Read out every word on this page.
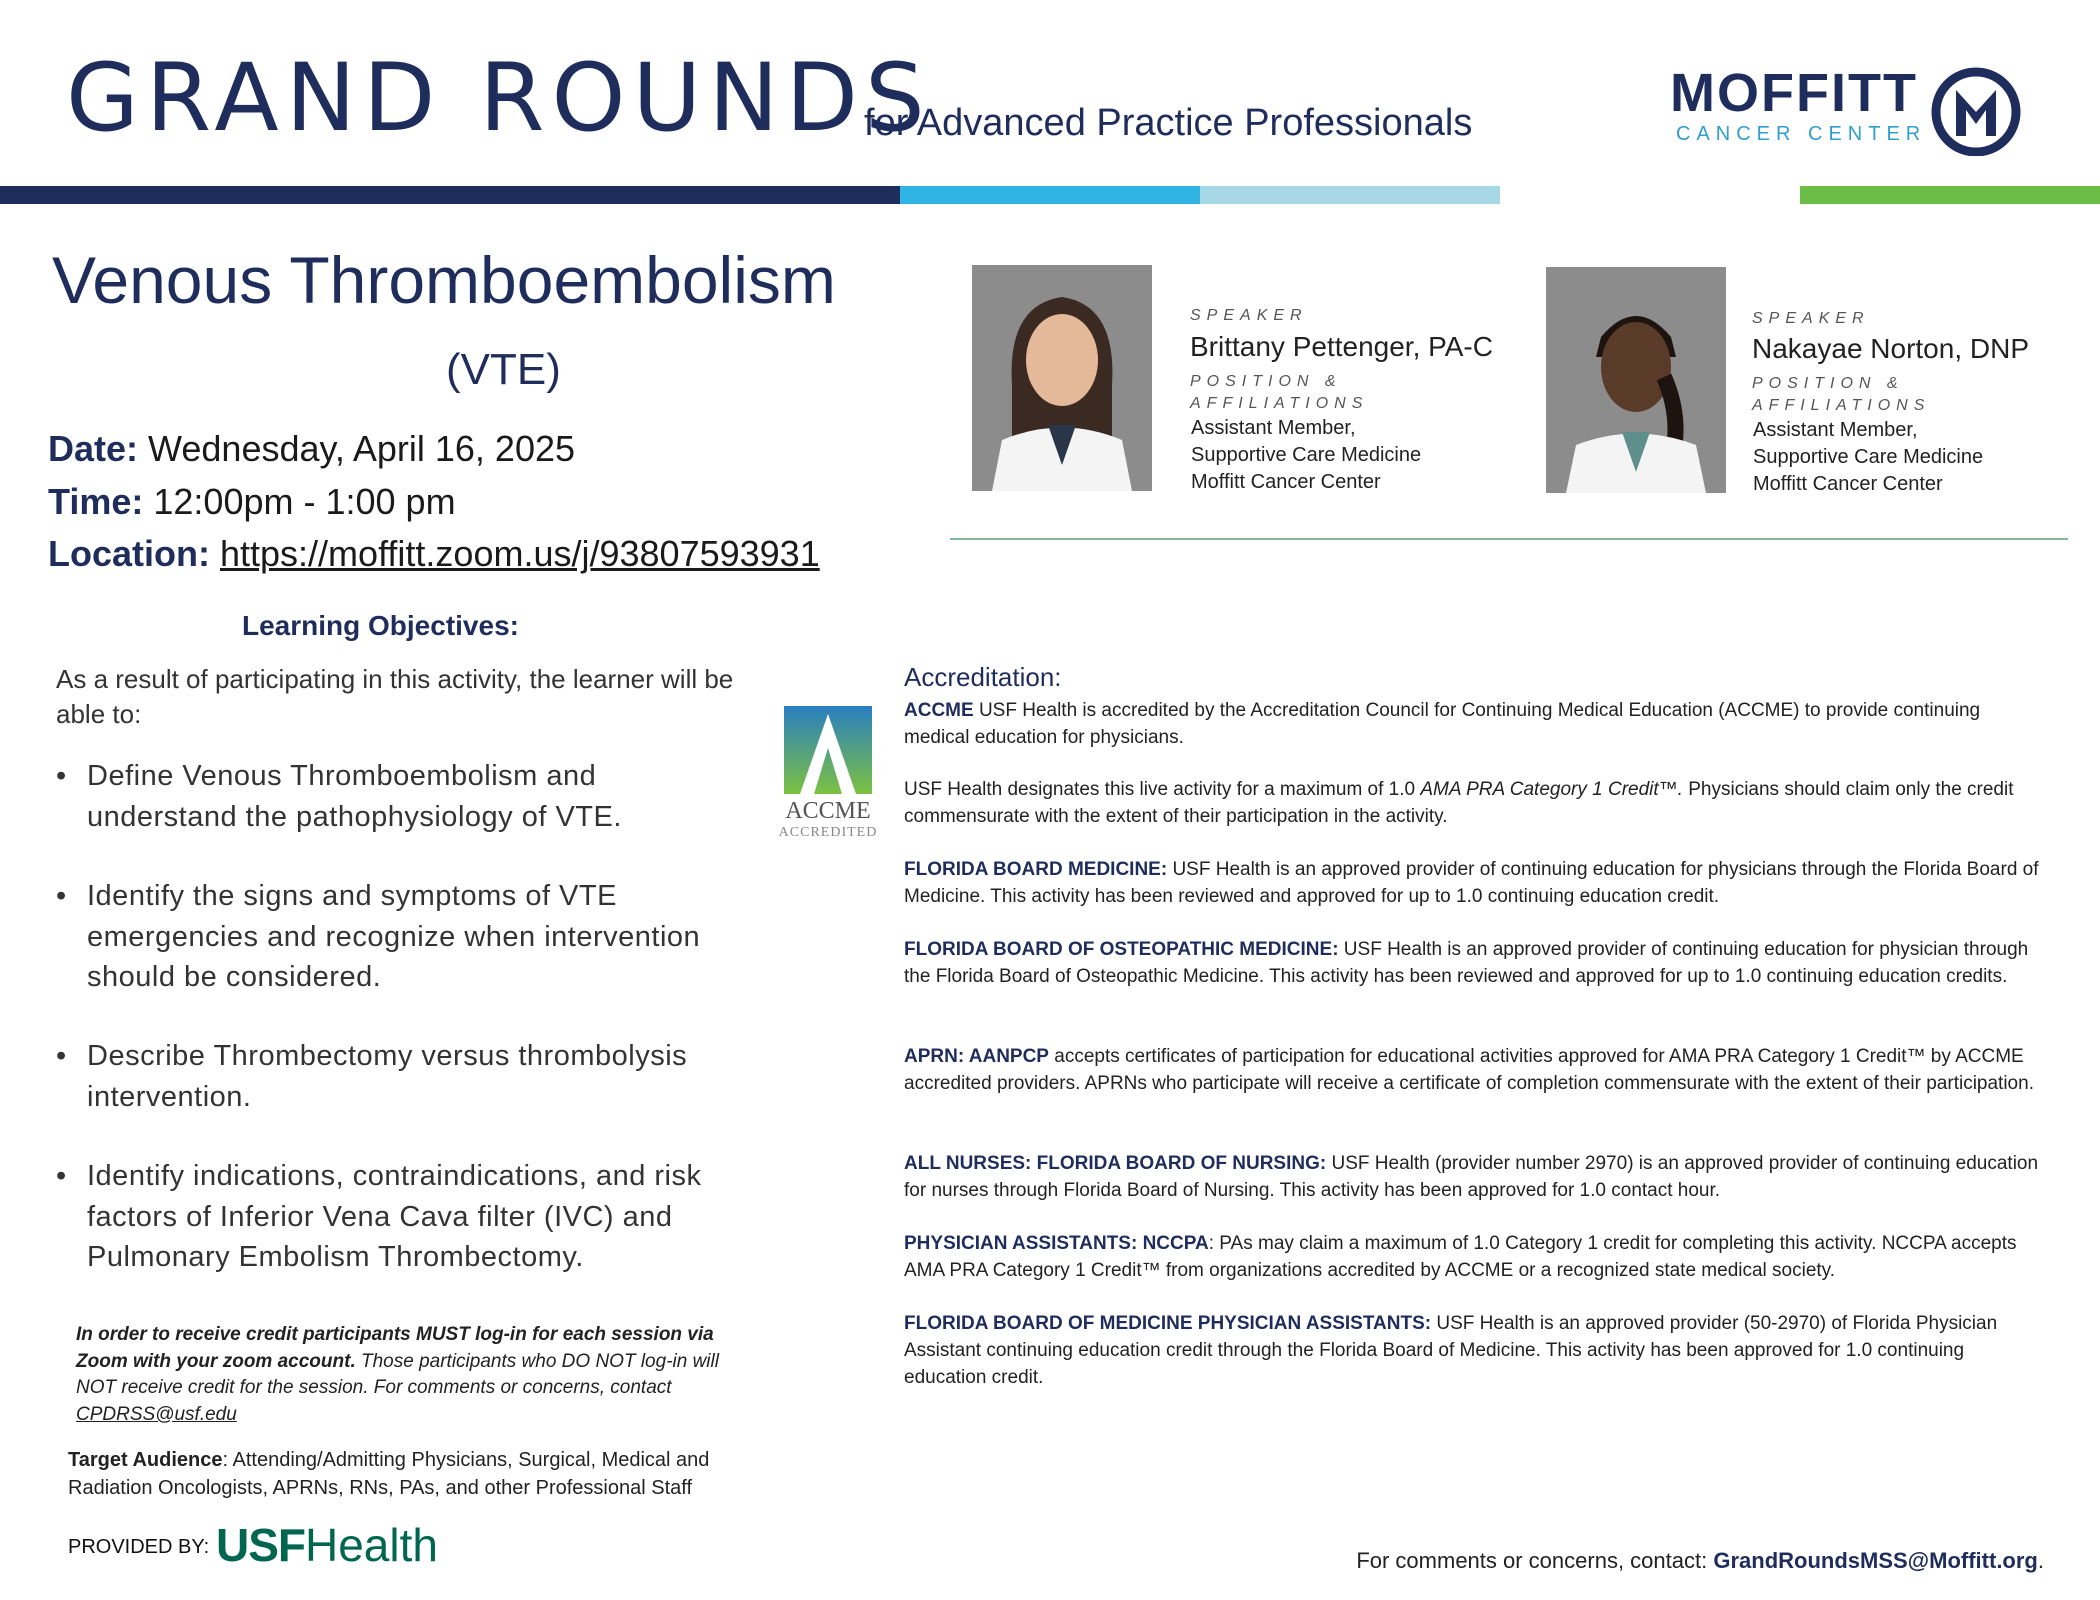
GRAND ROUNDS
for Advanced Practice Professionals	MOFFITT
CANCER CENTER
Venous Thromboembolism
(VTE)
Date: Wednesday, April 16, 2025
Time: 12:00pm - 1:00 pm
Location: https://moffitt.zoom.us/j/93807593931
SPEAKER
Brittany Pettenger, PA-C
POSITION & AFFILIATIONS
Assistant Member,
Supportive Care Medicine
Moffitt Cancer Center
SPEAKER
Nakayae Norton, DNP
POSITION & AFFILIATIONS
Assistant Member,
Supportive Care Medicine
Moffitt Cancer Center
Learning Objectives:
As a result of participating in this activity, the learner will be able to:
• Define Venous Thromboembolism and understand the pathophysiology of VTE.
• Identify the signs and symptoms of VTE emergencies and recognize when intervention should be considered.
• Describe Thrombectomy versus thrombolysis intervention.
• Identify indications, contraindications, and risk factors of Inferior Vena Cava filter (IVC) and Pulmonary Embolism Thrombectomy.
In order to receive credit participants MUST log-in for each session via Zoom with your zoom account. Those participants who DO NOT log-in will NOT receive credit for the session. For comments or concerns, contact CPDRSS@usf.edu
Target Audience: Attending/Admitting Physicians, Surgical, Medical and Radiation Oncologists, APRNs, RNs, PAs, and other Professional Staff
PROVIDED BY: USFHealth
ACCME
ACCREDITED
Accreditation:
ACCME USF Health is accredited by the Accreditation Council for Continuing Medical Education (ACCME) to provide continuing medical education for physicians.
USF Health designates this live activity for a maximum of 1.0 AMA PRA Category 1 Credit™. Physicians should claim only the credit commensurate with the extent of their participation in the activity.
FLORIDA BOARD MEDICINE: USF Health is an approved provider of continuing education for physicians through the Florida Board of Medicine. This activity has been reviewed and approved for up to 1.0 continuing education credit.
FLORIDA BOARD OF OSTEOPATHIC MEDICINE: USF Health is an approved provider of continuing education for physician through the Florida Board of Osteopathic Medicine. This activity has been reviewed and approved for up to 1.0 continuing education credits.
APRN: AANPCP accepts certificates of participation for educational activities approved for AMA PRA Category 1 Credit™ by ACCME accredited providers. APRNs who participate will receive a certificate of completion commensurate with the extent of their participation.
ALL NURSES: FLORIDA BOARD OF NURSING: USF Health (provider number 2970) is an approved provider of continuing education for nurses through Florida Board of Nursing. This activity has been approved for 1.0 contact hour.
PHYSICIAN ASSISTANTS: NCCPA: PAs may claim a maximum of 1.0 Category 1 credit for completing this activity. NCCPA accepts AMA PRA Category 1 Credit™ from organizations accredited by ACCME or a recognized state medical society.
FLORIDA BOARD OF MEDICINE PHYSICIAN ASSISTANTS: USF Health is an approved provider (50-2970) of Florida Physician Assistant continuing education credit through the Florida Board of Medicine. This activity has been approved for 1.0 continuing education credit.
For comments or concerns, contact: GrandRoundsMSS@Moffitt.org.
